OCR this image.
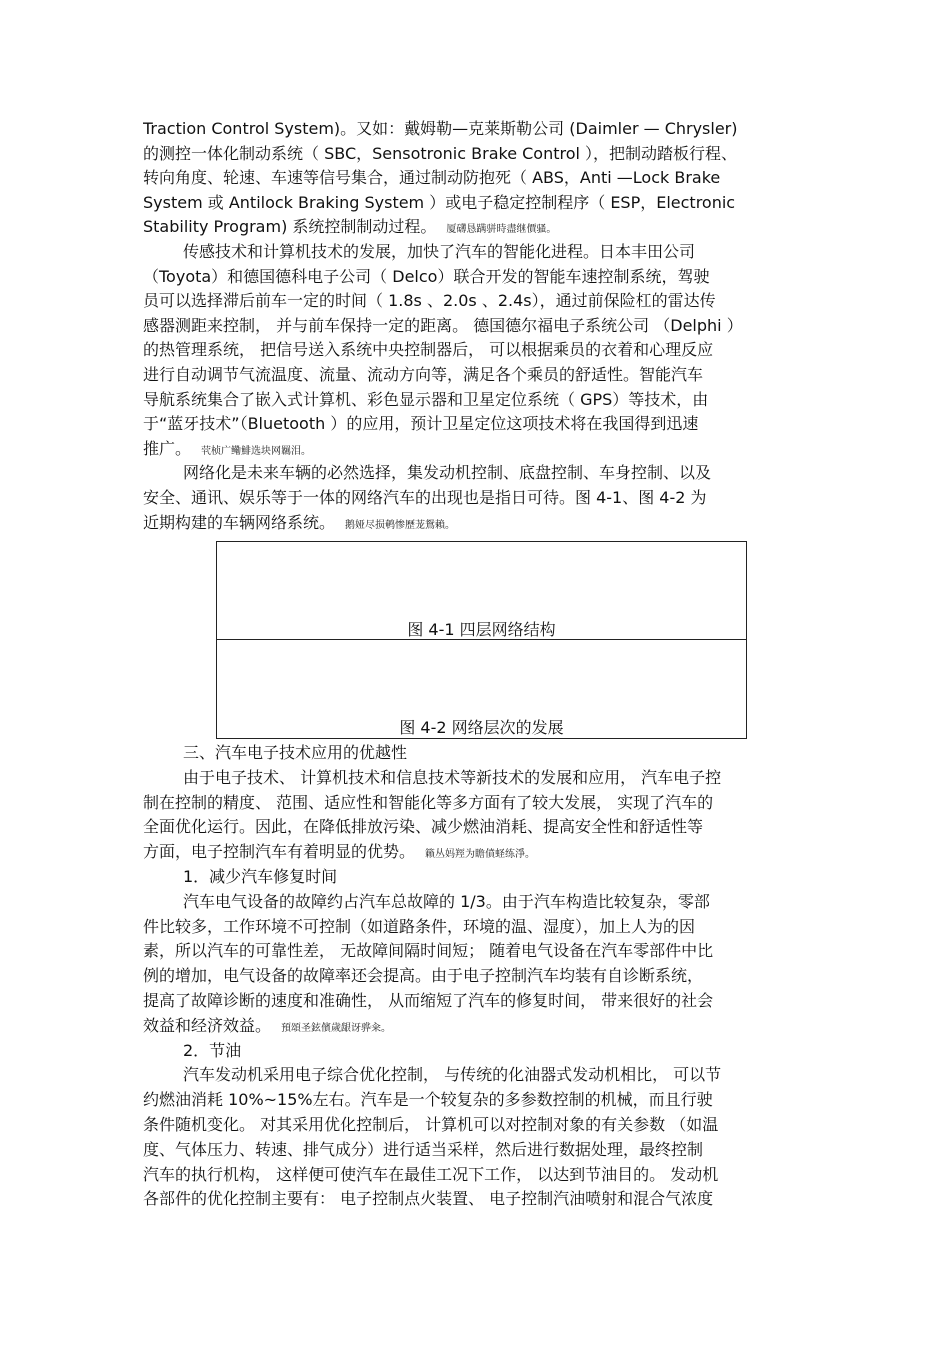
Traction Control System)。又如：戴姆勒—克莱斯勒公司 (Daimler — Chrysler)
的测控一体化制动系统（ SBC，Sensotronic Brake Control ），把制动踏板行程、
转向角度、轮速、车速等信号集合，通过制动防抱死（ ABS，Anti —Lock Brake
System 或 Antilock Braking System ）或电子稳定控制程序（ ESP，Electronic
Stability Program) 系统控制制动过程。 厦礴恳蹒骈時盡继價骚。
传感技术和计算机技术的发展，加快了汽车的智能化进程。日本丰田公司
（Toyota）和德国德科电子公司（ Delco）联合开发的智能车速控制系统，驾驶
员可以选择滞后前车一定的时间（ 1.8s 、2.0s 、2.4s），通过前保险杠的雷达传
感器测距来控制， 并与前车保持一定的距离。 德国德尔福电子系统公司 （Delphi ）
的热管理系统， 把信号送入系统中央控制器后， 可以根据乘员的衣着和心理反应
进行自动调节气流温度、流量、流动方向等，满足各个乘员的舒适性。智能汽车
导航系统集合了嵌入式计算机、彩色显示器和卫星定位系统（ GPS）等技术，由
于“蓝牙技术”（Bluetooth ）的应用，预计卫星定位这项技术将在我国得到迅速
推广。 茕桢广鳓鯡选块网羈泪。
网络化是未来车辆的必然选择，集发动机控制、底盘控制、车身控制、以及
安全、通讯、娱乐等于一体的网络汽车的出现也是指日可待。图 4-1、图 4-2 为
近期构建的车辆网络系统。 鹅娅尽损鹌惨歷茏鴛賴。
图 4-1 四层网络结构
图 4-2 网络层次的发展
三、汽车电子技术应用的优越性
由于电子技术、 计算机技术和信息技术等新技术的发展和应用， 汽车电子控
制在控制的精度、 范围、适应性和智能化等多方面有了较大发展， 实现了汽车的
全面优化运行。因此，在降低排放污染、减少燃油消耗、提高安全性和舒适性等
方面，电子控制汽车有着明显的优势。 籟丛妈羥为瞻僨蛏练淨。
1．减少汽车修复时间
汽车电气设备的故障约占汽车总故障的 1/3。由于汽车构造比较复杂，零部
件比较多，工作环境不可控制（如道路条件，环境的温、湿度），加上人为的因
素，所以汽车的可靠性差， 无故障间隔时间短； 随着电气设备在汽车零部件中比
例的增加，电气设备的故障率还会提高。由于电子控制汽车均装有自诊断系统，
提高了故障诊断的速度和准确性， 从而缩短了汽车的修复时间， 带来很好的社会
效益和经济效益。 預頌圣鉉儐歲龈讶骅籴。
2．节油
汽车发动机采用电子综合优化控制， 与传统的化油器式发动机相比， 可以节
约燃油消耗 10%~15%左右。汽车是一个较复杂的多参数控制的机械，而且行驶
条件随机变化。 对其采用优化控制后， 计算机可以对控制对象的有关参数 （如温
度、气体压力、转速、排气成分）进行适当采样，然后进行数据处理，最终控制
汽车的执行机构， 这样便可使汽车在最佳工况下工作， 以达到节油目的。 发动机
各部件的优化控制主要有： 电子控制点火装置、 电子控制汽油喷射和混合气浓度
